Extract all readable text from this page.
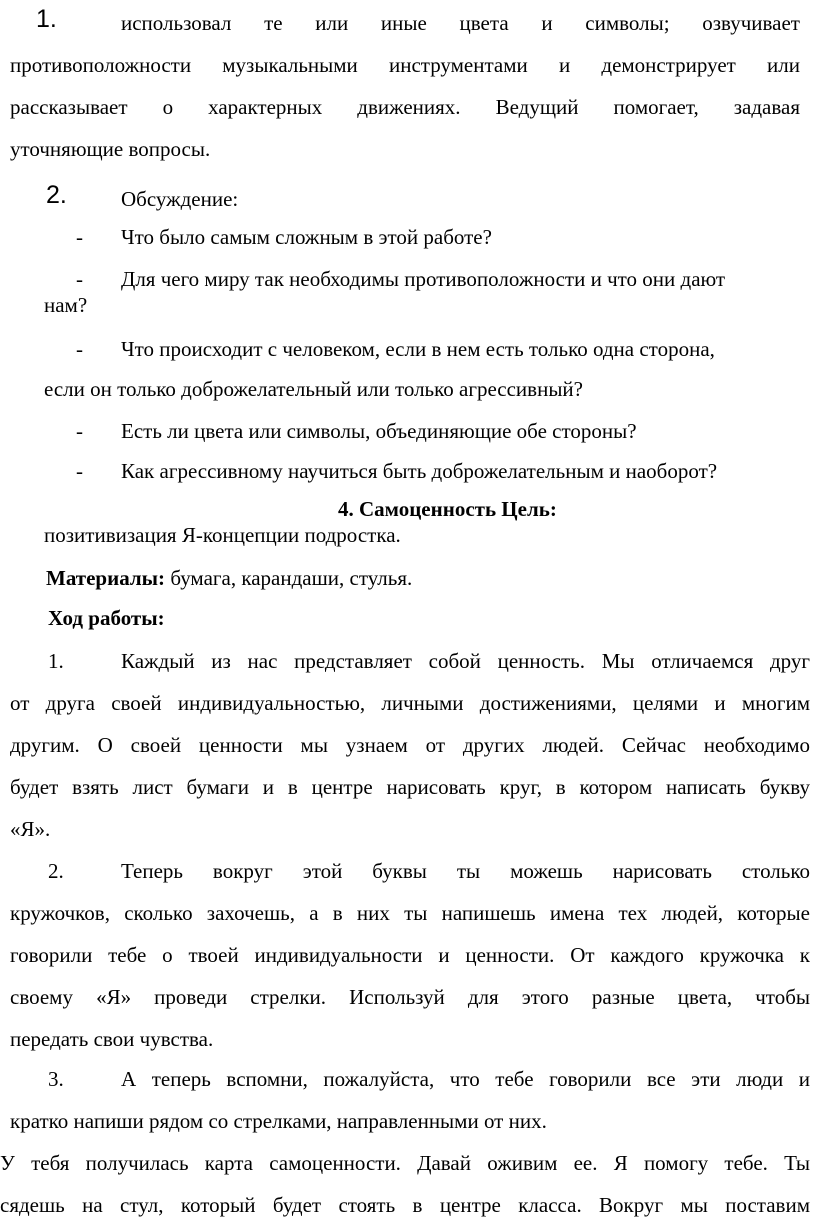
1.	использовал те или иные цвета и символы; озвучивает
противоположности музыкальными инструментами и демонстрирует или
рассказывает о характерных движениях. Ведущий помогает, задавая
уточняющие вопросы.
2.	Обсуждение:
- Что было самым сложным в этой работе?
- Для чего миру так необходимы противоположности и что они дают
нам?
- Что происходит с человеком, если в нем есть только одна сторона,
если он только доброжелательный или только агрессивный?
- Есть ли цвета или символы, объединяющие обе стороны?
- Как агрессивному научиться быть доброжелательным и наоборот?
4. Самоценность Цель:
позитивизация Я-концепции подростка.
Материалы: бумага, карандаши, стулья.
Ход работы:
1.	Каждый из нас представляет собой ценность. Мы отличаемся друг
от друга своей индивидуальностью, личными достижениями, целями и многим
другим. О своей ценности мы узнаем от других людей. Сейчас необходимо
будет взять лист бумаги и в центре нарисовать круг, в котором написать букву
«Я».
2.	Теперь вокруг этой буквы ты можешь нарисовать столько
кружочков, сколько захочешь, а в них ты напишешь имена тех людей, которые
говорили тебе о твоей индивидуальности и ценности. От каждого кружочка к
своему «Я» проведи стрелки. Используй для этого разные цвета, чтобы
передать свои чувства.
3.	А теперь вспомни, пожалуйста, что тебе говорили все эти люди и
кратко напиши рядом со стрелками, направленными от них.
У тебя получилась карта самоценности. Давай оживим ее. Я помогу тебе. Ты
сядешь на стул, который будет стоять в центре класса. Вокруг мы поставим
